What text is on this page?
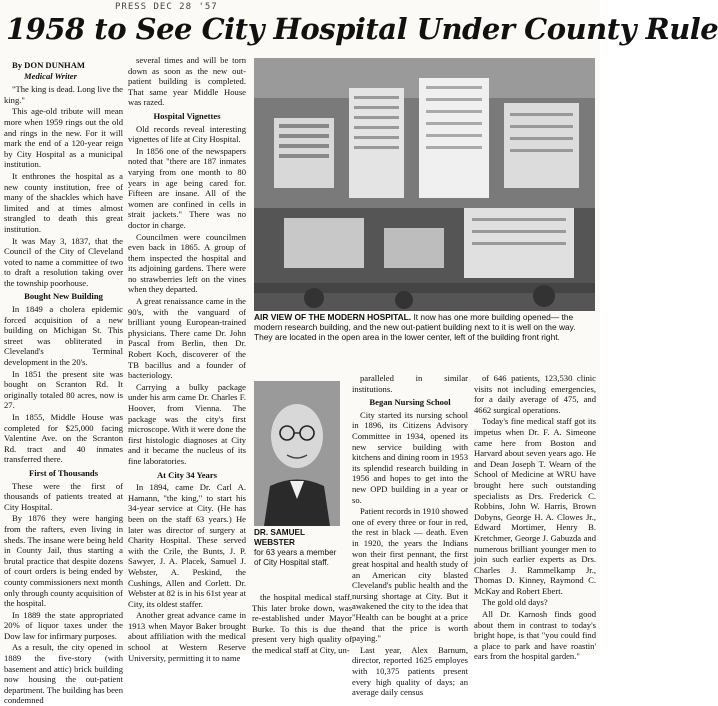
PRESS DEC 28 '57
1958 to See City Hospital Under County Rule

By DON DUNHAM

Medical Writer

"The king is dead. Long live the king."

This age-old tribute will mean more when 1959 rings out the old and rings in the new. For it will mark the end of a 120-year reign by City Hospital as a municipal institution.

It enthrones the hospital as a new county institution, free of many of the shackles which have limited and at times almost strangled to death this great institution.

It was May 3, 1837, that the Council of the City of Cleveland voted to name a committee of two to draft a resolution taking over the township poorhouse.

Bought New Building

In 1849 a cholera epidemic forced acquisition of a new building on Michigan St. This street was obliterated in Cleveland's Terminal development in the 20's.

In 1851 the present site was bought on Scranton Rd. It originally totaled 80 acres, now is 27.

In 1855, Middle House was completed for $25,000 facing Valentine Ave. on the Scranton Rd. tract and 40 inmates transferred there.

First of Thousands

These were the first of thousands of patients treated at City Hospital.

By 1876 they were hanging from the rafters, even living in sheds. The insane were being held in County Jail, thus starting a brutal practice that despite dozens of court orders is being ended by county commissioners next month only through county acquisition of the hospital.

In 1889 the state appropriated 20% of liquor taxes under the Dow law for infirmary purposes.

As a result, the city opened in 1889 the five-story (with basement and attic) brick building now housing the out-patient department. The building has been condemned

several times and will be torn down as soon as the new out-patient building is completed. That same year Middle House was razed.

Hospital Vignettes

Old records reveal interesting vignettes of life at City Hospital.

In 1856 one of the newspapers noted that "there are 187 inmates varying from one month to 80 years in age being cared for. Fifteen are insane. All of the women are confined in cells in strait jackets." There was no doctor in charge.

Councilmen were councilmen even back in 1865. A group of them inspected the hospital and its adjoining gardens. There were no strawberries left on the vines when they departed.

A great renaissance came in the 90's, with the vanguard of brilliant young European-trained physicians. There came Dr. John Pascal from Berlin, then Dr. Robert Koch, discoverer of the TB bacillus and a founder of bacteriology.

Carrying a bulky package under his arm came Dr. Charles F. Hoover, from Vienna. The package was the city's first microscope. With it were done the first histologic diagnoses at City and it became the nucleus of its fine laboratories.

At City 34 Years

In 1894, came Dr. Carl A. Hamann, "the king," to start his 34-year service at City. (He has been on the staff 63 years.) He later was director of surgery at Charity Hospital. These served with the Crile, the Bunts, J. P. Sawyer, J. A. Placek, Samuel J. Webster, A. Peskind, the Cushings, Allen and Corlett. Dr. Webster at 82 is in his 61st year at City, its oldest staffer.

Another great advance came in 1913 when Mayor Baker brought about affiliation with the medical school at Western Reserve University, permitting it to name

AIR VIEW OF THE MODERN HOSPITAL. It now has one more building opened— the modern research building, and the new out-patient building next to it is well on the way. They are located in the open area in the lower center, left of the building front right.
DR. SAMUEL WEBSTER
for 63 years a member of City Hospital staff.

paralleled in similar institutions.

Began Nursing School

City started its nursing school in 1896, its Citizens Advisory Committee in 1934, opened its new service building with kitchens and dining room in 1953 its splendid research building in 1956 and hopes to get into the new OPD building in a year or so.

Patient records in 1910 showed one of every three or four in red, the rest in black — death. Even in 1920, the years the Indians won their first pennant, the first great hospital and health study of an American city blasted Cleveland's public health and the nursing shortage at City. But it awakened the city to the idea that "Health can be bought at a price and that the price is worth paying."

Last year, Alex Barnum, director, reported 1625 employes with 10,375 patients present every high quality of days; an average daily census

of 646 patients, 123,530 clinic visits not including emergencies, for a daily average of 475, and 4662 surgical operations.

Today's fine medical staff got its impetus when Dr. F. A. Simeone came here from Boston and Harvard about seven years ago. He and Dean Joseph T. Wearn of the School of Medicine at WRU have brought here such outstanding specialists as Drs. Frederick C. Robbins, John W. Harris, Brown Dobyns, George H. A. Clowes Jr., Edward Mortimer, Henry B. Kretchmer, George J. Gabuzda and numerous brilliant younger men to join such earlier experts as Drs. Charles J. Rammelkamp Jr., Thomas D. Kinney, Raymond C. McKay and Robert Ebert.

The gold old days?

All Dr. Karnosh finds good about them in contrast to today's bright hope, is that "you could find a place to park and have roastin' ears from the hospital garden."

the hospital medical staff. This later broke down, was re-established under Mayor Burke. To this is due the present very high quality of the medical staff at City, un-
